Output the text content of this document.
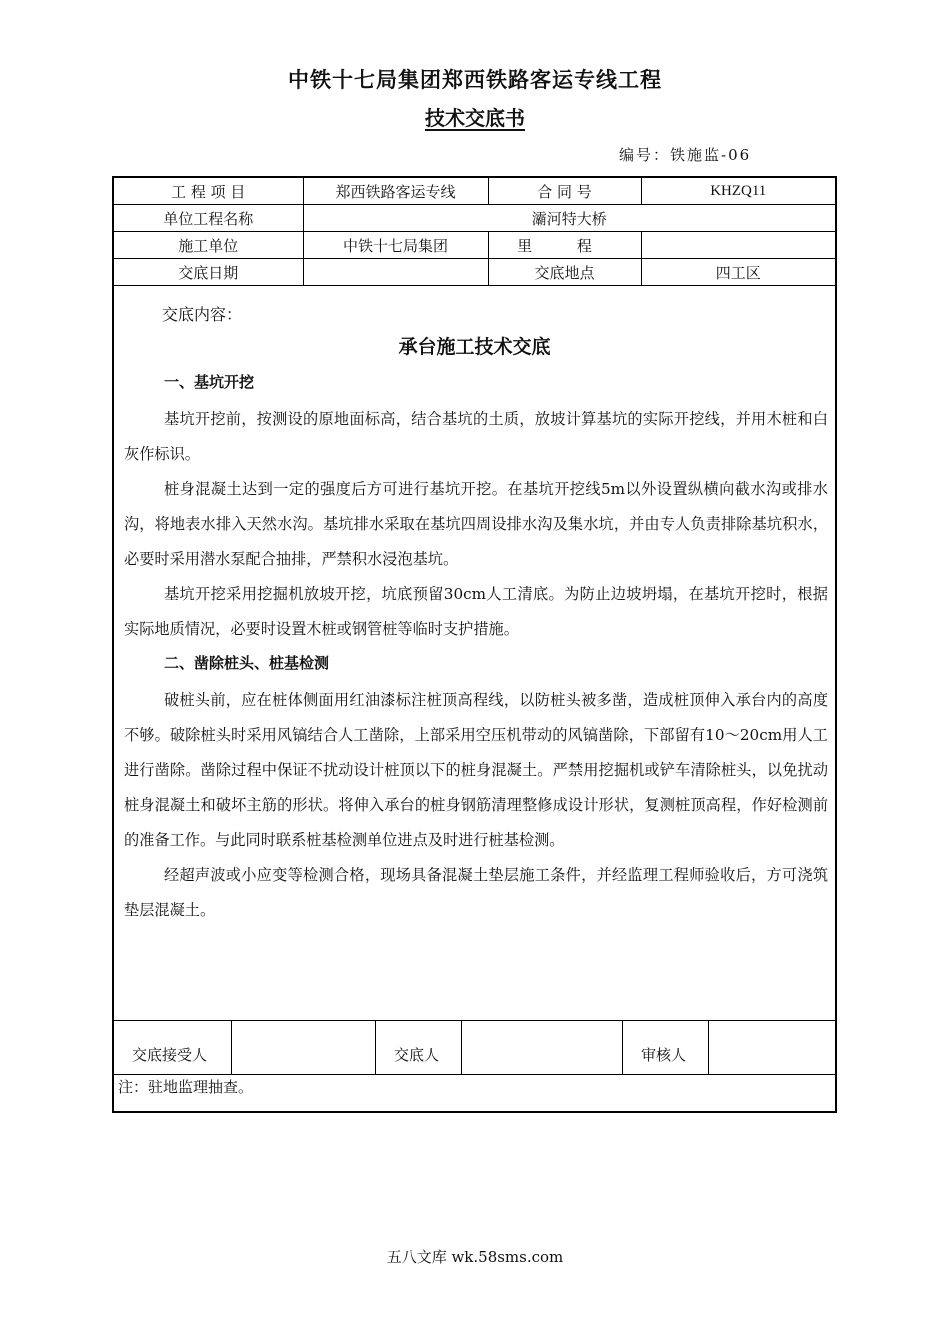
中铁十七局集团郑西铁路客运专线工程
技术交底书
编号：铁施监-06
工 程 项 目	郑西铁路客运专线	合 同 号	KHZQ11
单位工程名称	灞河特大桥		
施工单位	中铁十七局集团	里 程	
交底日期		交底地点	四工区
交底内容：
承台施工技术交底
一、基坑开挖

基坑开挖前，按测设的原地面标高，结合基坑的土质，放坡计算基坑的实际开挖线，并用木桩和白灰作标识。

桩身混凝土达到一定的强度后方可进行基坑开挖。在基坑开挖线5m以外设置纵横向截水沟或排水沟，将地表水排入天然水沟。基坑排水采取在基坑四周设排水沟及集水坑，并由专人负责排除基坑积水，必要时采用潜水泵配合抽排，严禁积水浸泡基坑。

基坑开挖采用挖掘机放坡开挖，坑底预留30cm人工清底。为防止边坡坍塌，在基坑开挖时，根据实际地质情况，必要时设置木桩或钢管桩等临时支护措施。

二、凿除桩头、桩基检测

破桩头前，应在桩体侧面用红油漆标注桩顶高程线，以防桩头被多凿，造成桩顶伸入承台内的高度不够。破除桩头时采用风镐结合人工凿除，上部采用空压机带动的风镐凿除，下部留有10～20cm用人工进行凿除。凿除过程中保证不扰动设计桩顶以下的桩身混凝土。严禁用挖掘机或铲车清除桩头，以免扰动桩身混凝土和破坏主筋的形状。将伸入承台的桩身钢筋清理整修成设计形状，复测桩顶高程，作好检测前的准备工作。与此同时联系桩基检测单位进点及时进行桩基检测。

经超声波或小应变等检测合格，现场具备混凝土垫层施工条件，并经监理工程师验收后，方可浇筑垫层混凝土。

交底接受人	交底人	审核人
注：驻地监理抽查。
五八文库 wk.58sms.com
